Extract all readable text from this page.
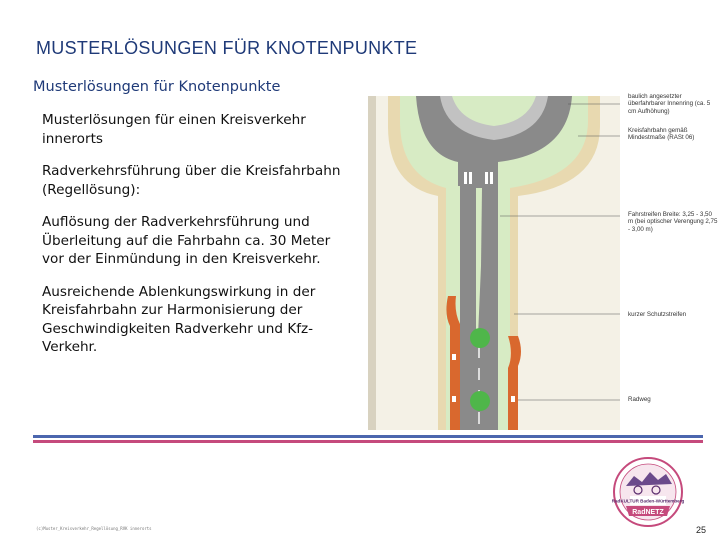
MUSTERLÖSUNGEN FÜR KNOTENPUNKTE
Musterlösungen für Knotenpunkte

Musterlösungen für einen Kreisverkehr innerorts

Radverkehrsführung über die Kreisfahrbahn (Regellösung):

Auflösung der Radverkehrsführung und Überleitung auf die Fahrbahn ca. 30 Meter vor der Einmündung in den Kreisverkehr.

Ausreichende Ablenkungswirkung in der Kreisfahrbahn zur Harmonisierung der Geschwindigkeiten Radverkehr und Kfz-Verkehr.

baulich angesetzter überfahrbarer Innenring (ca. 5 cm Aufhöhung)
Kreisfahrbahn gemäß Mindestmaße (RASt 06)
Fahrstreifen Breite: 3,25 - 3,50 m (bei optischer Verengung 2,75 - 3,00 m)
kurzer Schutzstreifen
Radweg
RadKULTUR Baden-Württemberg
RadNETZ
(c)Muster_Kreisverkehr_Regellösung_RVK innerorts	25
